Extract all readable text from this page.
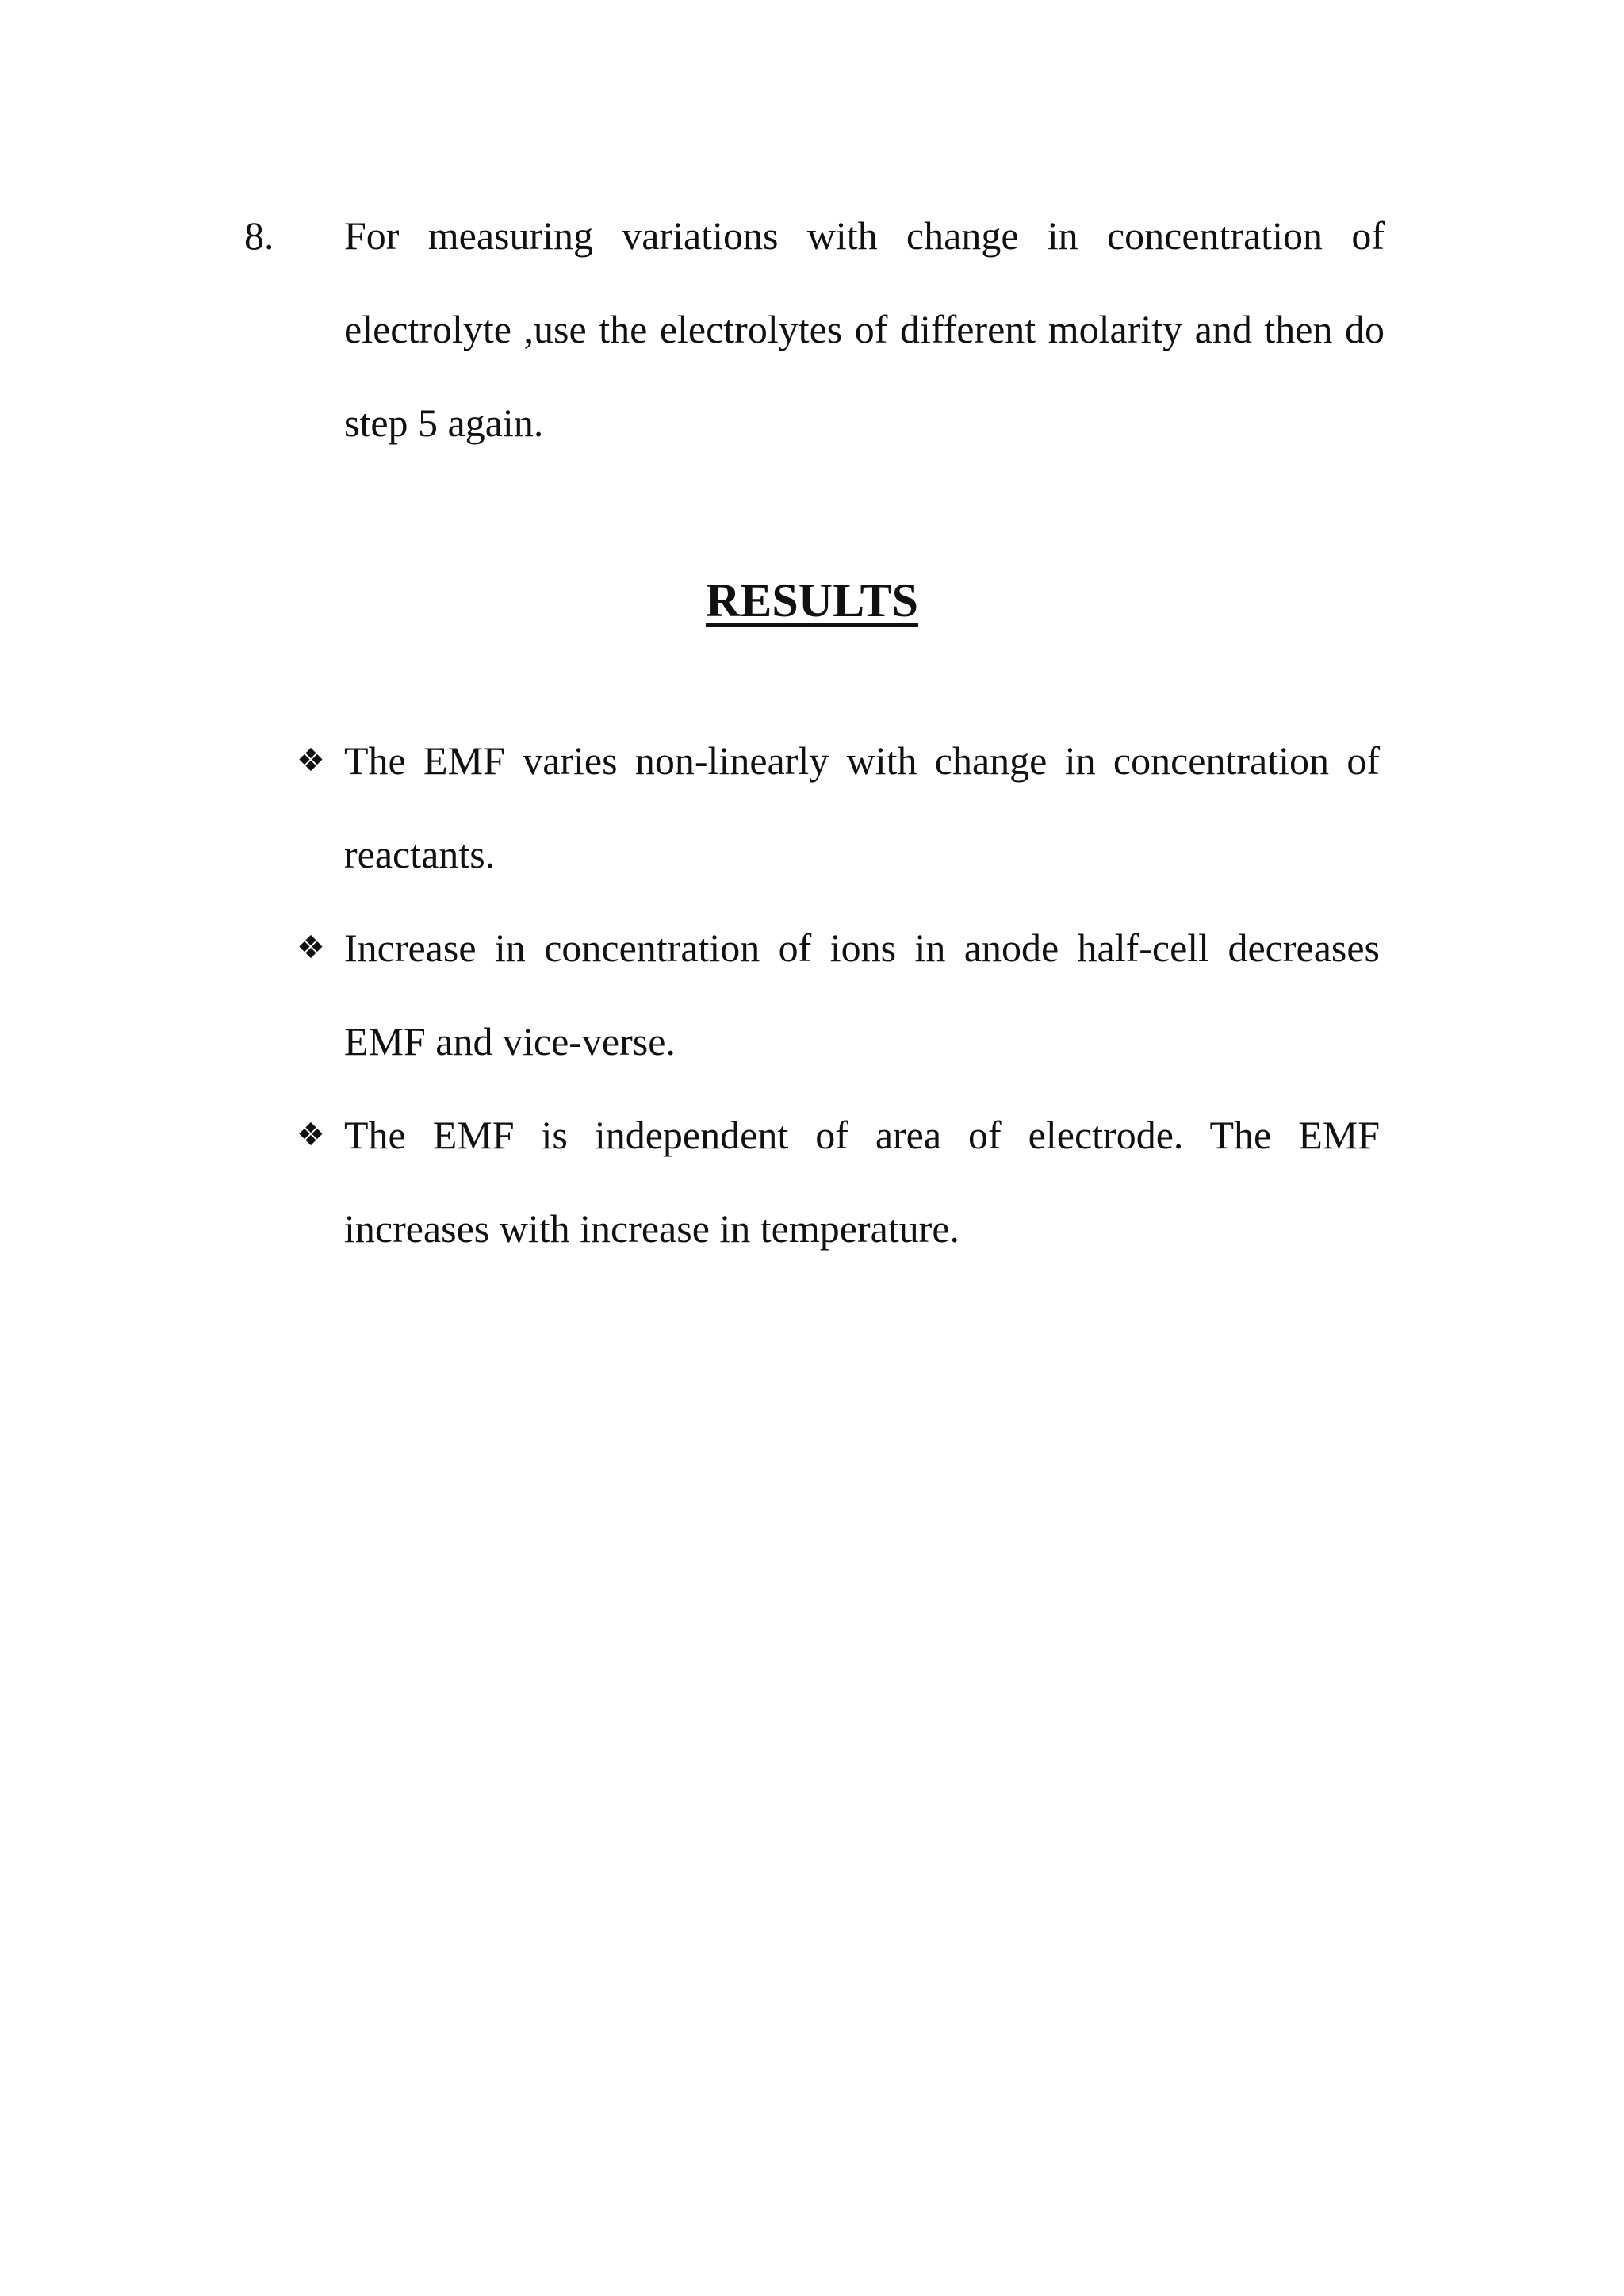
8. For measuring variations with change in concentration of electrolyte ,use the electrolytes of different molarity and then do step 5 again.
RESULTS
❖ The EMF varies non-linearly with change in concentration of reactants.
❖ Increase in concentration of ions in anode half-cell decreases EMF and vice-verse.
❖ The EMF is independent of area of electrode. The EMF increases with increase in temperature.
